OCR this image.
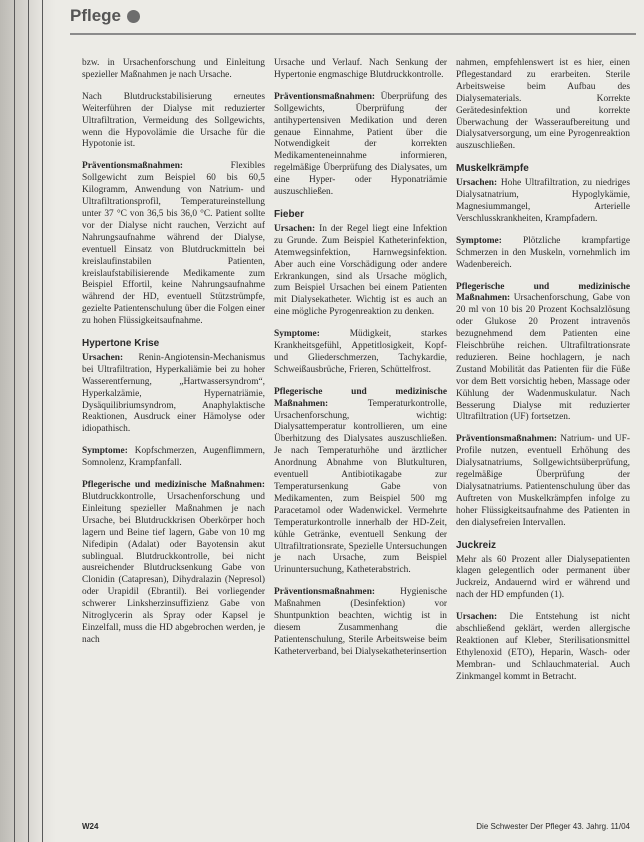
Pflege

bzw. in Ursachenforschung und Einleitung spezieller Maßnahmen je nach Ursache.

Nach Blutdruckstabilisierung erneutes Weiterführen der Dialyse mit reduzierter Ultrafiltration, Vermeidung des Sollgewichts, wenn die Hypovolämie die Ursache für die Hypotonie ist.

Präventionsmaßnahmen:	Flexibles Sollgewicht zum Beispiel 60 bis 60,5 Kilogramm, Anwendung von Natrium- und Ultrafiltrationsprofil, Temperatureinstellung unter 37 °C von 36,5 bis 36,0 °C. Patient sollte vor der Dialyse nicht rauchen, Verzicht auf Nahrungsaufnahme während der Dialyse, eventuell Einsatz von Blutdruckmitteln bei kreislaufinstabilen Patienten, kreislaufstabilisierende Medikamente zum Beispiel Effortil, keine Nahrungsaufnahme während der HD, eventuell Stützstrümpfe, gezielte Patientenschulung über die Folgen einer zu hohen Flüssigkeitsaufnahme.

Hypertone Krise

Ursachen: Renin-Angiotensin-Mechanismus bei Ultrafiltration, Hyperkaliämie bei zu hoher Wasserentfernung, „Hartwassersyndrom“, Hyperkalzämie, Hypernatriämie, Dysäquilibriumsyndrom, Anaphylaktische Reaktionen, Ausdruck einer Hämolyse oder idiopathisch.

Symptome: Kopfschmerzen, Augenflimmern, Somnolenz, Krampfanfall.

Pflegerische und medizinische Maßnahmen: Blutdruckkontrolle, Ursachenforschung und Einleitung spezieller Maßnahmen je nach Ursache, bei Blutdruckkrisen Oberkörper hoch lagern und Beine tief lagern, Gabe von 10 mg Nifedipin (Adalat) oder Bayotensin akut sublingual. Blutdruckkontrolle, bei nicht ausreichender Blutdrucksenkung Gabe von Clonidin (Catapresan), Dihydralazin (Nepresol) oder Urapidil (Ebrantil). Bei vorliegender schwerer Linksherzinsuffizienz Gabe von Nitroglycerin als Spray oder Kapsel je Einzelfall, muss die HD abgebrochen werden, je nach

Ursache und Verlauf. Nach Senkung der Hypertonie engmaschige Blutdruckkontrolle.

Präventionsmaßnahmen: Überprüfung des Sollgewichts, Überprüfung der antihypertensiven Medikation und deren genaue Einnahme, Patient über die Notwendigkeit der korrekten Medikamenteneinnahme informieren, regelmäßige Überprüfung des Dialysates, um eine Hyper- oder Hyponatriämie auszuschließen.

Fieber

Ursachen: In der Regel liegt eine Infektion zu Grunde. Zum Beispiel Katheterinfektion, Atemwegsinfektion, Harnwegsinfektion. Aber auch eine Vorschädigung oder andere Erkrankungen, sind als Ursache möglich, zum Beispiel Ursachen bei einem Patienten mit Dialysekatheter. Wichtig ist es auch an eine mögliche Pyrogenreaktion zu denken.

Symptome:	Müdigkeit, starkes Krankheitsgefühl, Appetitlosigkeit, Kopf- und Gliederschmerzen, Tachykardie, Schweißausbrüche, Frieren, Schüttelfrost.

Pflegerische und medizinische Maßnahmen:	Temperaturkontrolle, Ursachenforschung, wichtig: Dialysattemperatur kontrollieren, um eine Überhitzung des Dialysates auszuschließen. Je nach Temperaturhöhe und ärztlicher Anordnung Abnahme von Blutkulturen, eventuell Antibiotikagabe zur Temperatursenkung Gabe von Medikamenten, zum Beispiel 500 mg Paracetamol oder Wadenwickel. Vermehrte Temperaturkontrolle innerhalb der HD-Zeit, kühle Getränke, eventuell Senkung der Ultrafiltrationsrate, Spezielle Untersuchungen je nach Ursache, zum Beispiel Urinuntersuchung, Katheterabstrich.

Präventionsmaßnahmen:	Hygienische Maßnahmen (Desinfektion) vor Shuntpunktion beachten, wichtig ist in diesem Zusammenhang die Patientenschulung, Sterile Arbeitsweise beim Katheterverband, bei Dialysekatheterinsertion

nahmen, empfehlenswert ist es hier, einen Pflegestandard zu erarbeiten. Sterile Arbeitsweise beim Aufbau des Dialysematerials. Korrekte Gerätedesinfektion und korrekte Überwachung der Wasseraufbereitung und Dialysatversorgung, um eine Pyrogenreaktion auszuschließen.

Muskelkrämpfe

Ursachen: Hohe Ultrafiltration, zu niedriges Dialysatnatrium, Hypoglykämie, Magnesiummangel, Arterielle Verschlusskrankheiten, Krampfadern.

Symptome: Plötzliche krampfartige Schmerzen in den Muskeln, vornehmlich im Wadenbereich.

Pflegerische und medizinische Maßnahmen: Ursachenforschung, Gabe von 20 ml von 10 bis 20 Prozent Kochsalzlösung oder Glukose 20 Prozent intravenös bezugnehmend dem Patienten eine Fleischbrühe reichen. Ultrafiltrationsrate reduzieren. Beine hochlagern, je nach Zustand Mobilität das Patienten für die Füße vor dem Bett vorsichtig heben, Massage oder Kühlung der Wadenmuskulatur. Nach Besserung Dialyse mit reduzierter Ultrafiltration (UF) fortsetzen.

Präventionsmaßnahmen: Natrium- und UF-Profile nutzen, eventuell Erhöhung des Dialysatnatriums, Sollgewichtsüberprüfung, regelmäßige Überprüfung der Dialysatnatriums. Patientenschulung über das Auftreten von Muskelkrämpfen infolge zu hoher Flüssigkeitsaufnahme des Patienten in den dialysefreien Intervallen.

Juckreiz

Mehr als 60 Prozent aller Dialysepatienten klagen gelegentlich oder permanent über Juckreiz, Andauernd wird er während und nach der HD empfunden (1).

Ursachen: Die Entstehung ist nicht abschließend geklärt, werden allergische Reaktionen auf Kleber, Sterilisationsmittel Ethylenoxid (ETO), Heparin, Wasch- oder Membran- und Schlauchmaterial. Auch Zinkmangel kommt in Betracht.

W24	Die Schwester Der Pfleger 43. Jahrg. 11/04
